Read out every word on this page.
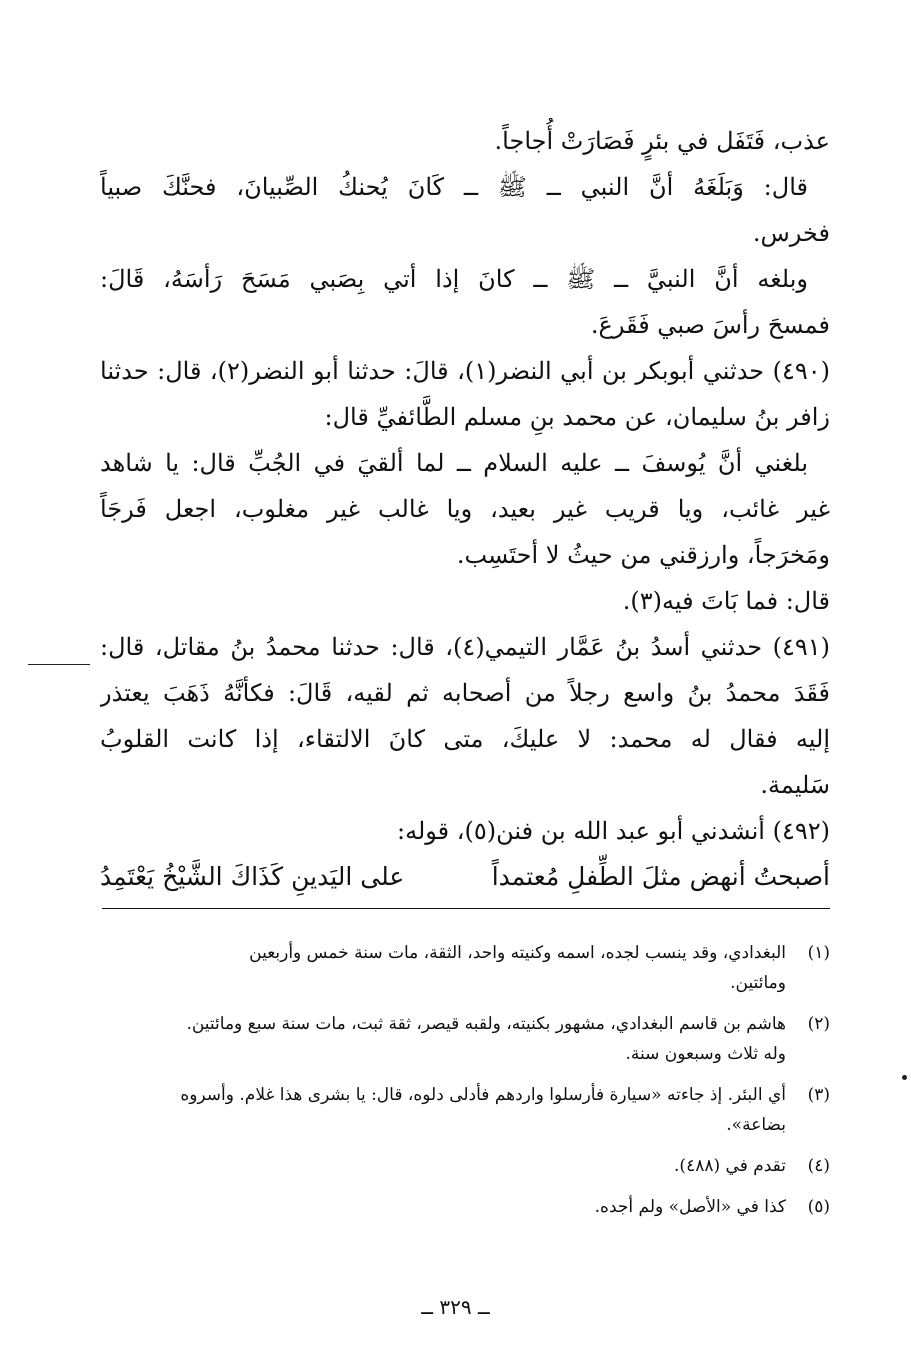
عذب، فَتَفَل في بئرٍ فَصَارَتْ أُجاجاً.
قال: وَبَلَغَهُ أنَّ النبي ــ ﷺ ــ كَانَ يُحنكُ الصِّبيانَ، فحنَّكَ صبياً
فخرس.
وبلغه أنَّ النبيَّ ــ ﷺ ــ كانَ إذا أتي بِصَبي مَسَحَ رَأسَهُ، قَالَ:
فمسحَ رأسَ صبي فَقَرعَ.
(٤٩٠) حدثني أبوبكر بن أبي النضر(١)، قالَ: حدثنا أبو النضر(٢)، قال: حدثنا
زافر بنُ سليمان، عن محمد بنِ مسلم الطَّائفيِّ قال:
بلغني أنَّ يُوسفَ ــ عليه السلام ــ لما ألقيَ في الجُبِّ قال: يا شاهد
غير غائب، ويا قريب غير بعيد، ويا غالب غير مغلوب، اجعل فَرجَاً
ومَخرَجاً، وارزقني من حيثُ لا أحتَسِب.
قال: فما بَاتَ فيه(٣).
(٤٩١) حدثني أسدُ بنُ عَمَّار التيمي(٤)، قال: حدثنا محمدُ بنُ مقاتل، قال:
فَقَدَ محمدُ بنُ واسع رجلاً من أصحابه ثم لقيه، قَالَ: فكأنَّهُ ذَهَبَ يعتذر
إليه فقال له محمد: لا عليكَ، متى كانَ الالتقاء، إذا كانت القلوبُ
سَليمة.
(٤٩٢) أنشدني أبو عبد الله بن فنن(٥)، قوله:
أصبحتُ أنهض مثلَ الطِّفلِ مُعتمداً
على اليَدينِ كَذَاكَ الشَّيْخُ يَعْتَمِدُ
(١)البغدادي، وقد ينسب لجده، اسمه وكنيته واحد، الثقة، مات سنة خمس وأربعين
ومائتين.
(٢)هاشم بن قاسم البغدادي، مشهور بكنيته، ولقبه قيصر، ثقة ثبت، مات سنة سبع ومائتين.
وله ثلاث وسبعون سنة.
(٣)أي البئر. إذ جاءته «سيارة فأرسلوا واردهم فأدلى دلوه، قال: يا بشرى هذا غلام. وأسروه
بضاعة».
(٤)تقدم في (٤٨٨).
(٥)كذا في «الأصل» ولم أجده.
ــ ٣٢٩ ــ
